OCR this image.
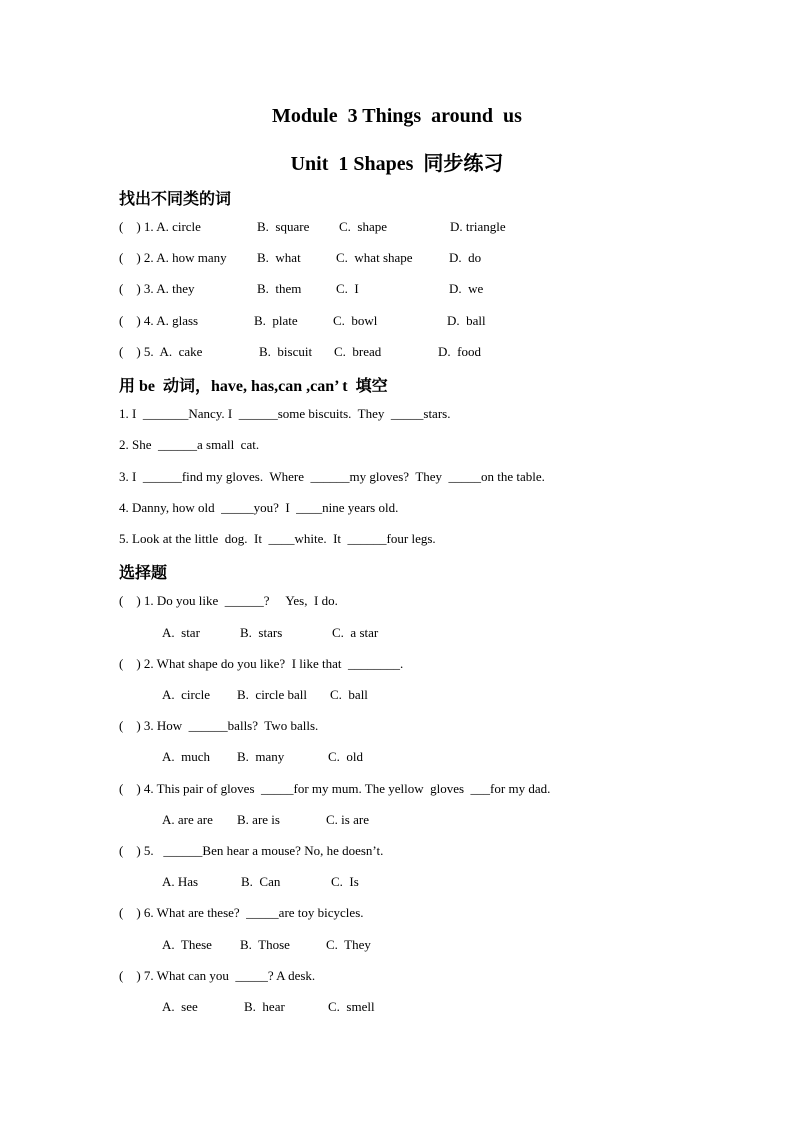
Module  3 Things  around  us
Unit  1 Shapes  同步练习
找出不同类的词
(    ) 1. A. circle	B.  square C.  shape	D. triangle
(    ) 2. A. how many B.  what	C.  what shape	D.  do
(    ) 3. A. they	B.  them	C.  I	D.  we
(    ) 4. A. glass	B.  plate	C.  bowl	D.  ball
(    ) 5.  A.  cake	B.  biscuit C.  bread	D.  food
用 be  动词，have, has,can ,can’ t  填空
1. I  _______Nancy. I  ______some biscuits.  They  _____stars.
2. She  ______a small  cat.
3. I  ______find my gloves.  Where  ______my gloves?  They  _____on the table.
4. Danny, how old  _____you?  I  ____nine years old.
5. Look at the little  dog.  It  ____white.  It  ______four legs.
选择题
(    ) 1. Do you like  ______?     Yes,  I do.
A.  star	B.  stars	C.  a star
(    ) 2. What shape do you like?  I like that  ________.
A.  circle B.  circle ball C.  ball
(    ) 3. How  ______balls?  Two balls.
A.  much B.  many	C.  old
(    ) 4. This pair of gloves  _____for my mum. The yellow  gloves  ___for my dad.
A. are are B. are is	C. is are
(    ) 5.   ______Ben hear a mouse? No, he doesn’t.
A. Has	B.  Can	C.  Is
(    ) 6. What are these?  _____are toy bicycles.
A.  These B.  Those	C.  They
(    ) 7. What can you  _____? A desk.
A.  see	B.  hear	C.  smell
